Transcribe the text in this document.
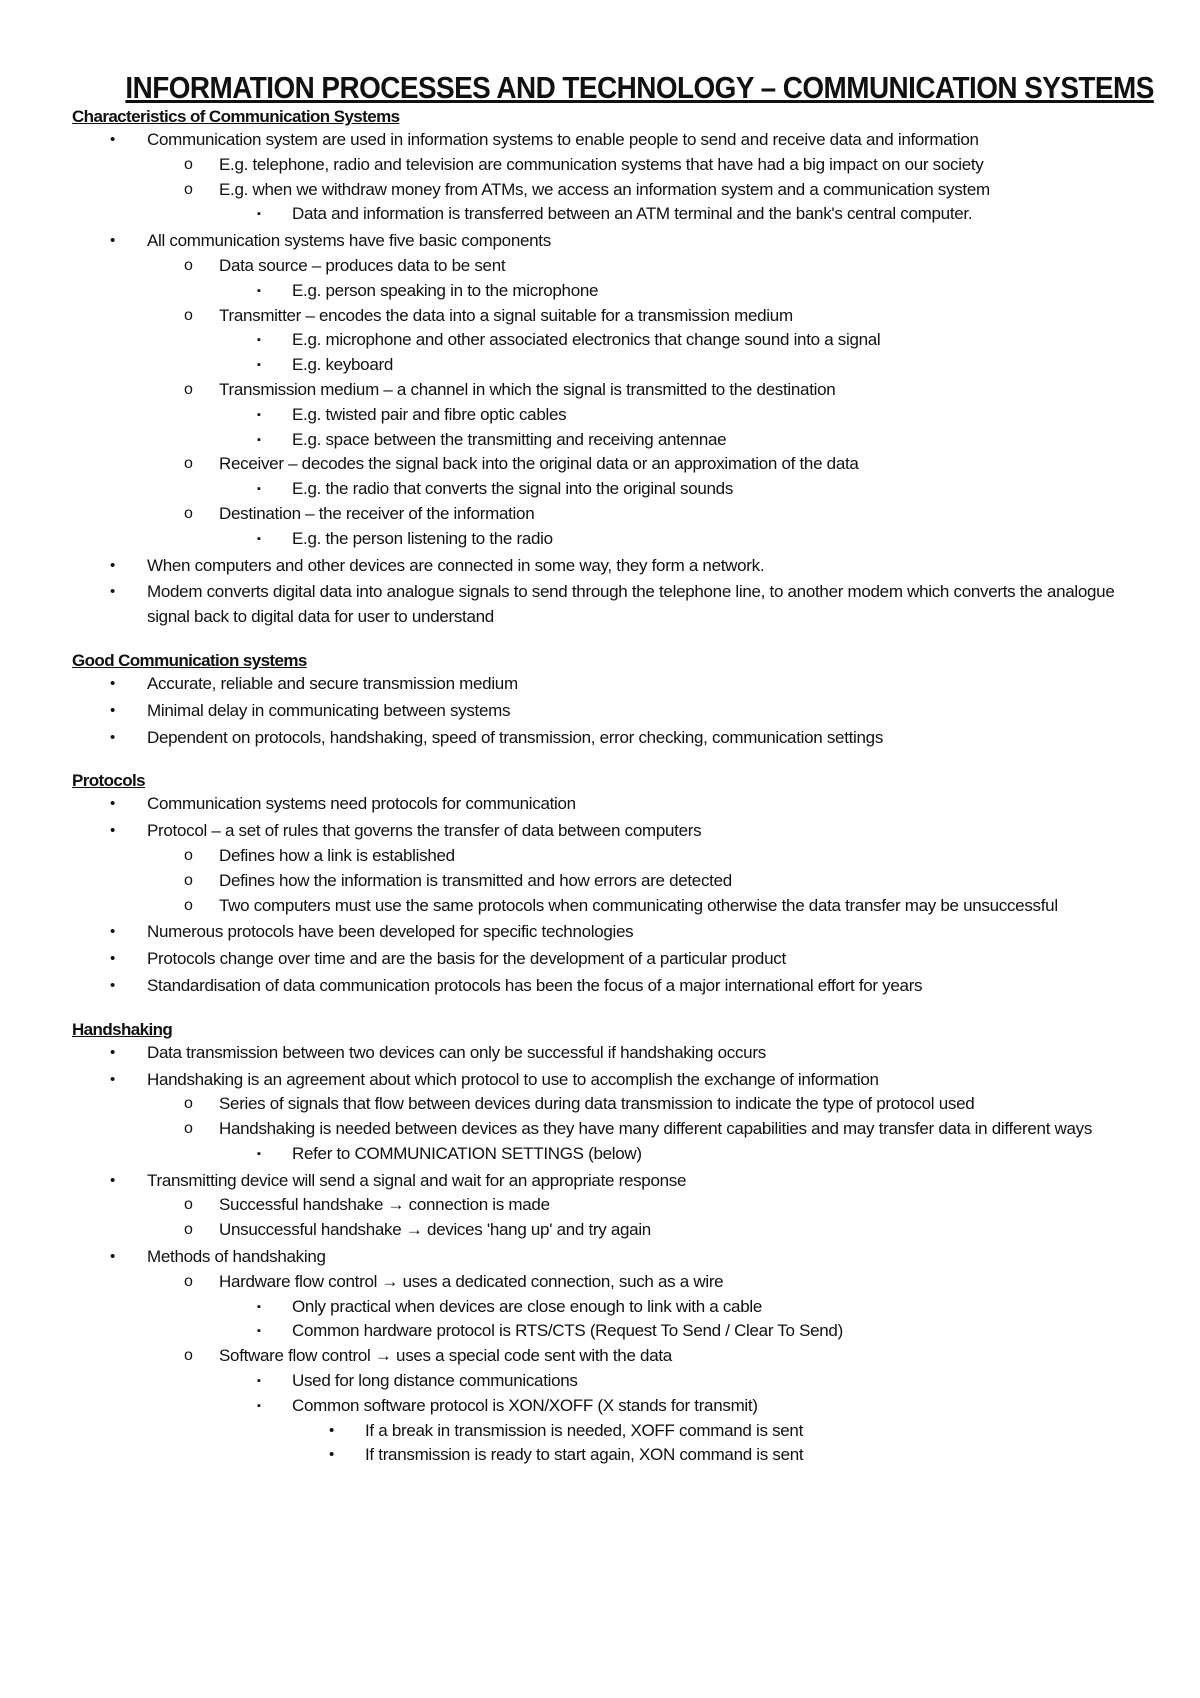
INFORMATION PROCESSES AND TECHNOLOGY – COMMUNICATION SYSTEMS
Characteristics of Communication Systems
• Communication system are used in information systems to enable people to send and receive data and information
o E.g. telephone, radio and television are communication systems that have had a big impact on our society
o E.g. when we withdraw money from ATMs, we access an information system and a communication system
▪ Data and information is transferred between an ATM terminal and the bank's central computer.
• All communication systems have five basic components
o Data source – produces data to be sent
▪ E.g. person speaking in to the microphone
o Transmitter – encodes the data into a signal suitable for a transmission medium
▪ E.g. microphone and other associated electronics that change sound into a signal
▪ E.g. keyboard
o Transmission medium – a channel in which the signal is transmitted to the destination
▪ E.g. twisted pair and fibre optic cables
▪ E.g. space between the transmitting and receiving antennae
o Receiver – decodes the signal back into the original data or an approximation of the data
▪ E.g. the radio that converts the signal into the original sounds
o Destination – the receiver of the information
▪ E.g. the person listening to the radio
• When computers and other devices are connected in some way, they form a network.
• Modem converts digital data into analogue signals to send through the telephone line, to another modem which converts the analogue signal back to digital data for user to understand
Good Communication systems
• Accurate, reliable and secure transmission medium
• Minimal delay in communicating between systems
• Dependent on protocols, handshaking, speed of transmission, error checking, communication settings
Protocols
• Communication systems need protocols for communication
• Protocol – a set of rules that governs the transfer of data between computers
o Defines how a link is established
o Defines how the information is transmitted and how errors are detected
o Two computers must use the same protocols when communicating otherwise the data transfer may be unsuccessful
• Numerous protocols have been developed for specific technologies
• Protocols change over time and are the basis for the development of a particular product
• Standardisation of data communication protocols has been the focus of a major international effort for years
Handshaking
• Data transmission between two devices can only be successful if handshaking occurs
• Handshaking is an agreement about which protocol to use to accomplish the exchange of information
o Series of signals that flow between devices during data transmission to indicate the type of protocol used
o Handshaking is needed between devices as they have many different capabilities and may transfer data in different ways
▪ Refer to COMMUNICATION SETTINGS (below)
• Transmitting device will send a signal and wait for an appropriate response
o Successful handshake → connection is made
o Unsuccessful handshake → devices 'hang up' and try again
• Methods of handshaking
o Hardware flow control → uses a dedicated connection, such as a wire
▪ Only practical when devices are close enough to link with a cable
▪ Common hardware protocol is RTS/CTS (Request To Send / Clear To Send)
o Software flow control → uses a special code sent with the data
▪ Used for long distance communications
▪ Common software protocol is XON/XOFF (X stands for transmit)
• If a break in transmission is needed, XOFF command is sent
• If transmission is ready to start again, XON command is sent
